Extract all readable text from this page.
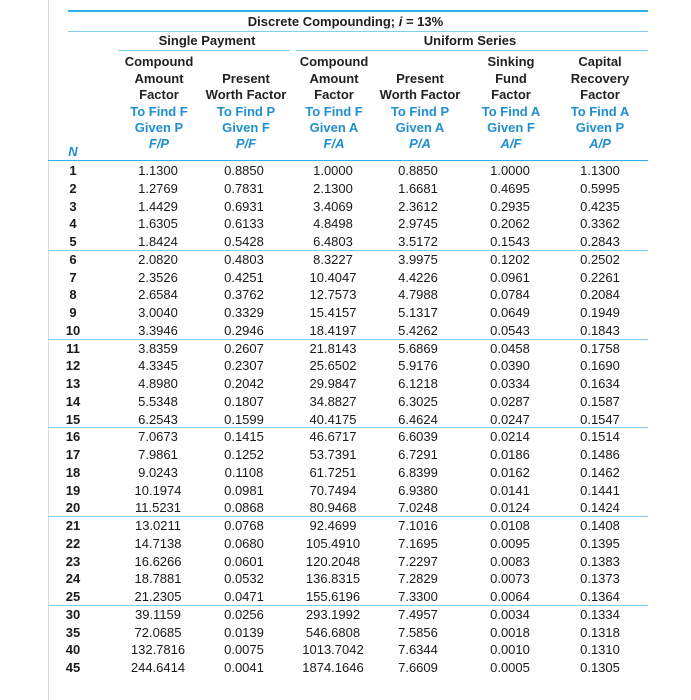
Discrete Compounding; i = 13%
Single Payment	Uniform Series
Compound
Amount
Factor
To Find F
Given P
F/P

Present
Worth Factor
To Find P
Given F
P/F
Compound
Amount
Factor
To Find F
Given A
F/A

Present
Worth Factor
To Find P
Given A
P/A
Sinking
Fund
Factor
To Find A
Given F
A/F
Capital
Recovery
Factor
To Find A
Given P
A/P
N
1	1.1300	0.8850	1.0000	0.8850	1.0000	1.1300
2	1.2769	0.7831	2.1300	1.6681	0.4695	0.5995
3	1.4429	0.6931	3.4069	2.3612	0.2935	0.4235
4	1.6305	0.6133	4.8498	2.9745	0.2062	0.3362
5	1.8424	0.5428	6.4803	3.5172	0.1543	0.2843
6	2.0820	0.4803	8.3227	3.9975	0.1202	0.2502
7	2.3526	0.4251	10.4047	4.4226	0.0961	0.2261
8	2.6584	0.3762	12.7573	4.7988	0.0784	0.2084
9	3.0040	0.3329	15.4157	5.1317	0.0649	0.1949
10	3.3946	0.2946	18.4197	5.4262	0.0543	0.1843
11	3.8359	0.2607	21.8143	5.6869	0.0458	0.1758
12	4.3345	0.2307	25.6502	5.9176	0.0390	0.1690
13	4.8980	0.2042	29.9847	6.1218	0.0334	0.1634
14	5.5348	0.1807	34.8827	6.3025	0.0287	0.1587
15	6.2543	0.1599	40.4175	6.4624	0.0247	0.1547
16	7.0673	0.1415	46.6717	6.6039	0.0214	0.1514
17	7.9861	0.1252	53.7391	6.7291	0.0186	0.1486
18	9.0243	0.1108	61.7251	6.8399	0.0162	0.1462
19	10.1974	0.0981	70.7494	6.9380	0.0141	0.1441
20	11.5231	0.0868	80.9468	7.0248	0.0124	0.1424
21	13.0211	0.0768	92.4699	7.1016	0.0108	0.1408
22	14.7138	0.0680	105.4910	7.1695	0.0095	0.1395
23	16.6266	0.0601	120.2048	7.2297	0.0083	0.1383
24	18.7881	0.0532	136.8315	7.2829	0.0073	0.1373
25	21.2305	0.0471	155.6196	7.3300	0.0064	0.1364
30	39.1159	0.0256	293.1992	7.4957	0.0034	0.1334
35	72.0685	0.0139	546.6808	7.5856	0.0018	0.1318
40	132.7816	0.0075	1013.7042	7.6344	0.0010	0.1310
45	244.6414	0.0041	1874.1646	7.6609	0.0005	0.1305
